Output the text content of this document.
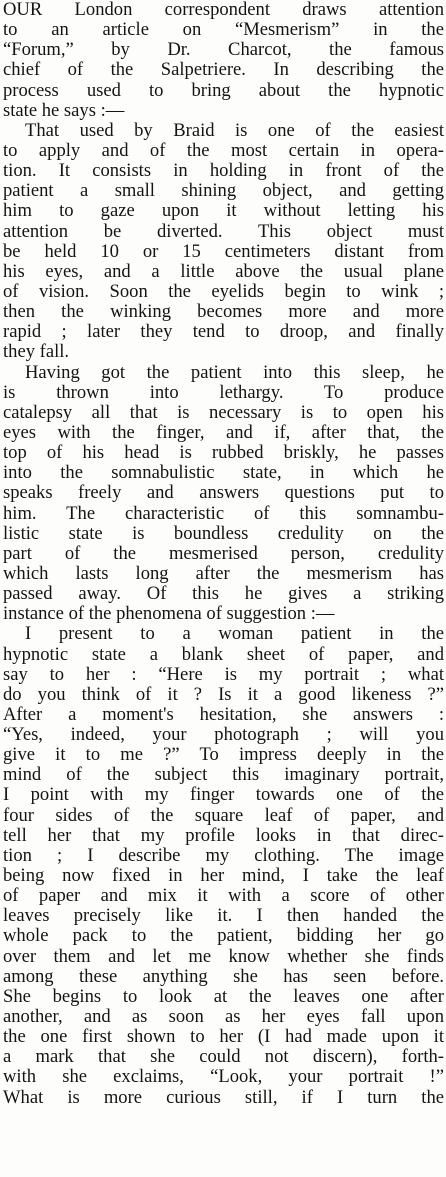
OUR London correspondent draws attention
to an article on “Mesmerism” in the
“Forum,” by Dr. Charcot, the famous
chief of the Salpetriere. In describing the
process used to bring about the hypnotic
state he says :—
That used by Braid is one of the easiest
to apply and of the most certain in opera-
tion. It consists in holding in front of the
patient a small shining object, and getting
him to gaze upon it without letting his
attention be diverted. This object must
be held 10 or 15 centimeters distant from
his eyes, and a little above the usual plane
of vision. Soon the eyelids begin to wink ;
then the winking becomes more and more
rapid ; later they tend to droop, and finally
they fall.
Having got the patient into this sleep, he
is thrown into lethargy. To produce
catalepsy all that is necessary is to open his
eyes with the finger, and if, after that, the
top of his head is rubbed briskly, he passes
into the somnabulistic state, in which he
speaks freely and answers questions put to
him. The characteristic of this somnambu-
listic state is boundless credulity on the
part of the mesmerised person, credulity
which lasts long after the mesmerism has
passed away. Of this he gives a striking
instance of the phenomena of suggestion :—
I present to a woman patient in the
hypnotic state a blank sheet of paper, and
say to her : “Here is my portrait ; what
do you think of it ? Is it a good likeness ?”
After a moment's hesitation, she answers :
“Yes, indeed, your photograph ; will you
give it to me ?” To impress deeply in the
mind of the subject this imaginary portrait,
I point with my finger towards one of the
four sides of the square leaf of paper, and
tell her that my profile looks in that direc-
tion ; I describe my clothing. The image
being now fixed in her mind, I take the leaf
of paper and mix it with a score of other
leaves precisely like it. I then handed the
whole pack to the patient, bidding her go
over them and let me know whether she finds
among these anything she has seen before.
She begins to look at the leaves one after
another, and as soon as her eyes fall upon
the one first shown to her (I had made upon it
a mark that she could not discern), forth-
with she exclaims, “Look, your portrait !”
What is more curious still, if I turn the
